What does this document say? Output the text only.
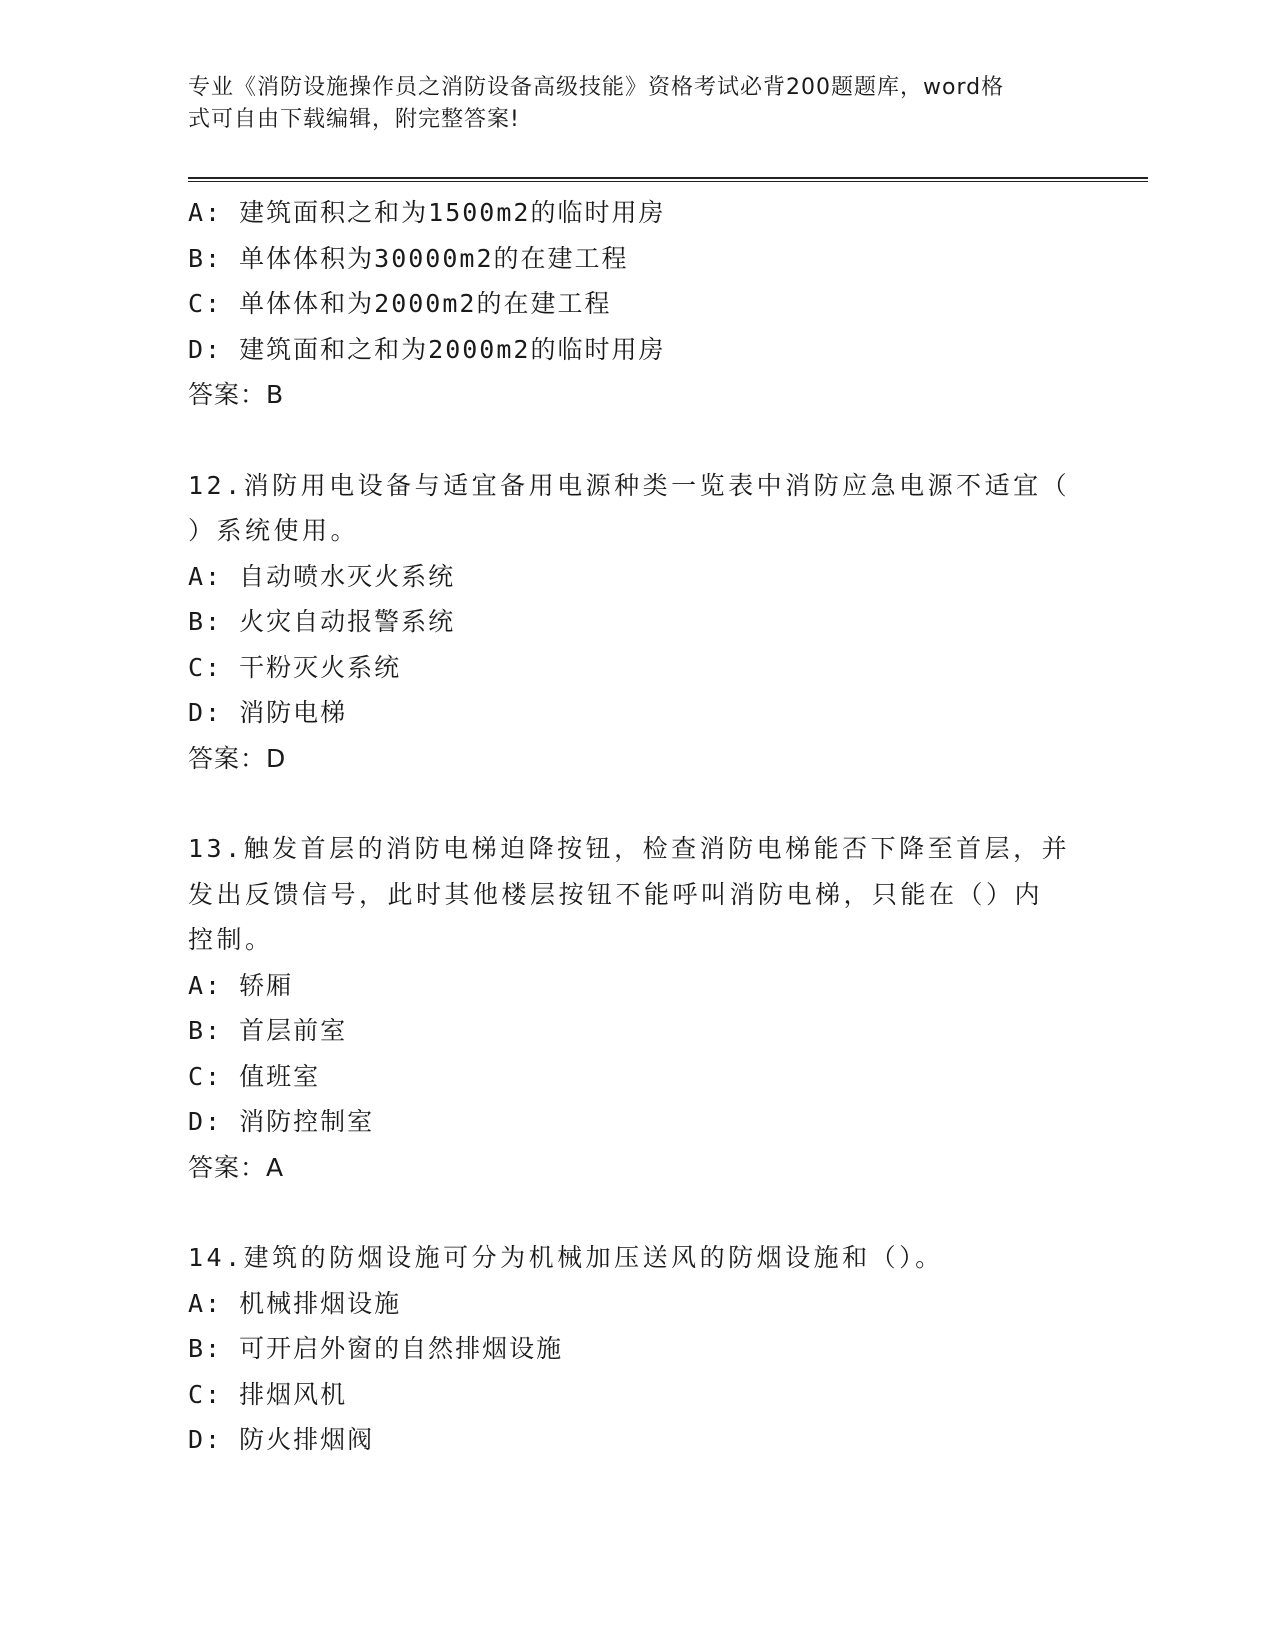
专业《消防设施操作员之消防设备高级技能》资格考试必背200题题库，word格
式可自由下载编辑，附完整答案!
A: 建筑面积之和为1500m2的临时用房
B: 单体体积为30000m2的在建工程
C: 单体体和为2000m2的在建工程
D: 建筑面和之和为2000m2的临时用房
答案：B
12.消防用电设备与适宜备用电源种类一览表中消防应急电源不适宜（
）系统使用。
A: 自动喷水灭火系统
B: 火灾自动报警系统
C: 干粉灭火系统
D: 消防电梯
答案：D
13.触发首层的消防电梯迫降按钮，检查消防电梯能否下降至首层，并
发出反馈信号，此时其他楼层按钮不能呼叫消防电梯，只能在（）内
控制。
A: 轿厢
B: 首层前室
C: 值班室
D: 消防控制室
答案：A
14.建筑的防烟设施可分为机械加压送风的防烟设施和（）。
A: 机械排烟设施
B: 可开启外窗的自然排烟设施
C: 排烟风机
D: 防火排烟阀
